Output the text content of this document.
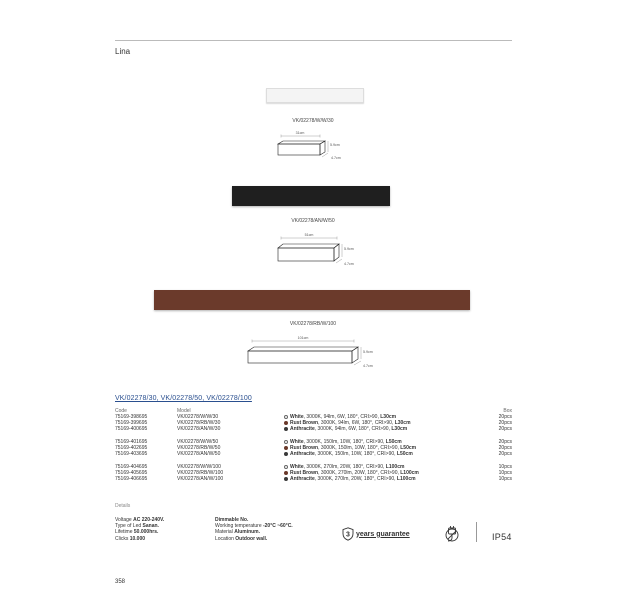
Lina
VK/02278/W/W/30
31cm
5.9cm
4.7cm
VK/02278/AN/W/50
51cm
5.9cm
4.7cm
VK/02278/RB/W/100
101cm
5.9cm
4.7cm
VK/02278/30, VK/02278/50, VK/02278/100
Code	Model		Box
75169-398695	VK/02278/W/W/30	White, 3000K, 94lm, 6W, 180°, CRI>90, L30cm	20pcs
75169-399695	VK/02278/RB/W/30	Rust Brown, 3000K, 94lm, 6W, 180°, CRI>90, L30cm	20pcs
75169-400695	VK/02278/AN/W/30	Anthracite, 3000K, 94lm, 6W, 180°, CRI>90, L30cm	20pcs

75169-401695	VK/02278/W/W/50	White, 3000K, 150lm, 10W, 180°, CRI>90, L50cm	20pcs
75169-402695	VK/02278/RB/W/50	Rust Brown, 3000K, 150lm, 10W, 180°, CRI>90, L50cm	20pcs
75169-403695	VK/02278/AN/W/50	Anthracite, 3000K, 150lm, 10W, 180°, CRI>90, L50cm	20pcs

75169-404695	VK/02278/W/W/100	White, 3000K, 270lm, 20W, 180°, CRI>90, L100cm	10pcs
75169-405695	VK/02278/RB/W/100	Rust Brown, 3000K, 270lm, 20W, 180°, CRI>90, L100cm	10pcs
75169-406695	VK/02278/AN/W/100	Anthracite, 3000K, 270lm, 20W, 180°, CRI>90, L100cm	10pcs
Details
Voltage AC 220-240V.
Type of Led Sanan.
Lifetime 50.000hrs.
Clicks 10.000
Dimmable No.
Working temperature -20°C ~60°C.
Material Aluminum.
Location Outdoor wall.
3 years guarantee	IP54
358
